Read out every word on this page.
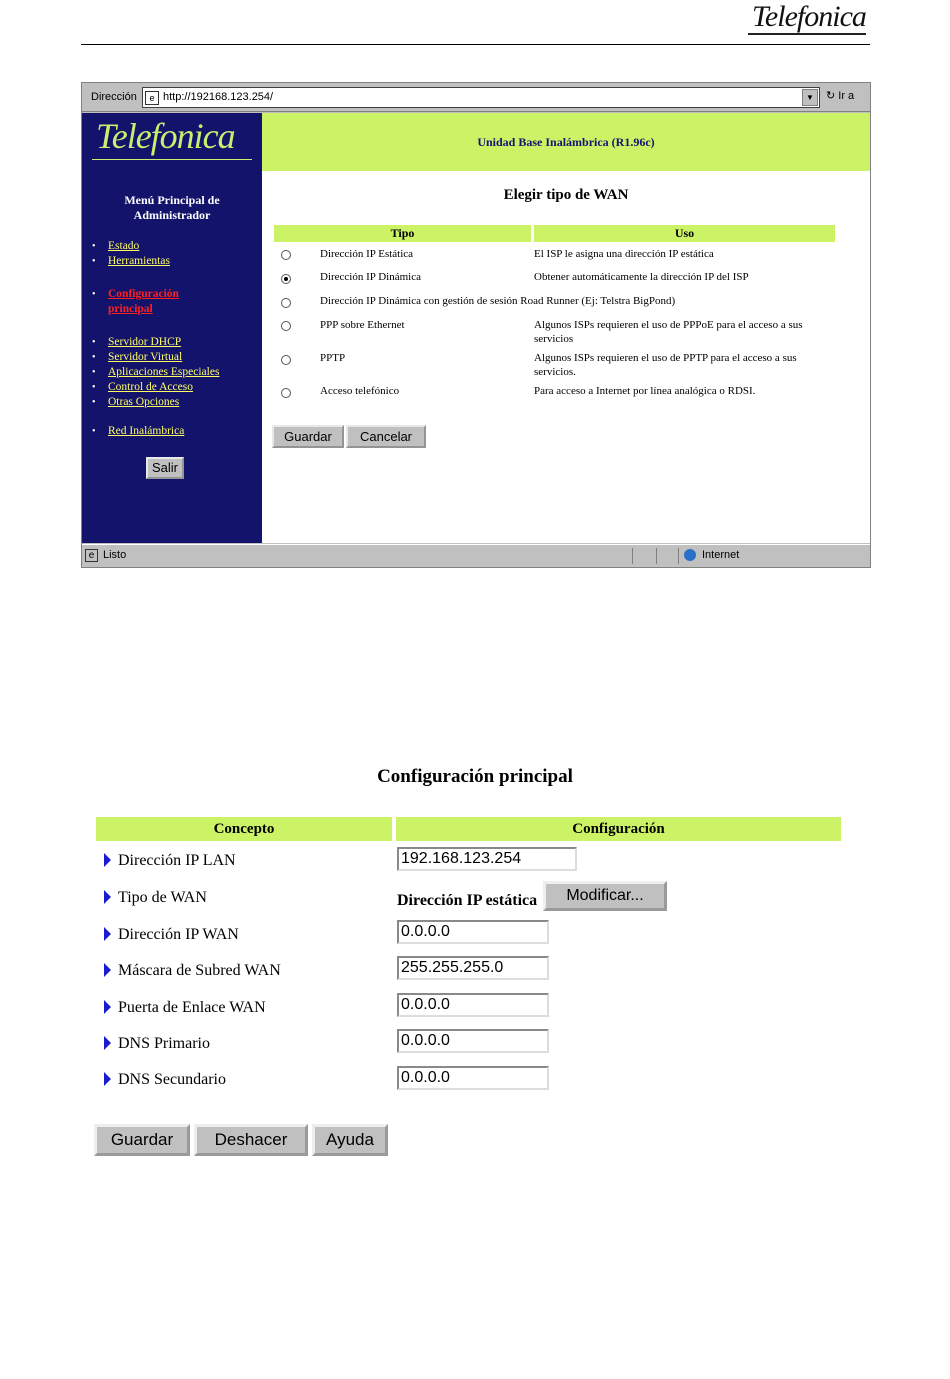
Telefonica
Dirección	e http://192168.123.254/	▼	↻ Ir a
Telefonica
Menú Principal de Administrador
• Estado
• Herramientas
• Configuración principal
• Servidor DHCP
• Servidor Virtual
• Aplicaciones Especiales
• Control de Acceso
• Otras Opciones
• Red Inalámbrica
Salir
Unidad Base Inalámbrica (R1.96c)
Elegir tipo de WAN
Tipo	Uso
Dirección IP Estática	El ISP le asigna una dirección IP estática
Dirección IP Dinámica	Obtener automáticamente la dirección IP del ISP
Dirección IP Dinámica con gestión de sesión Road Runner (Ej: Telstra BigPond)
PPP sobre Ethernet	Algunos ISPs requieren el uso de PPPoE para el acceso a sus servicios
PPTP	Algunos ISPs requieren el uso de PPTP para el acceso a sus servicios.
Acceso telefónico	Para acceso a Internet por línea analógica o RDSI.
Guardar	Cancelar
e Listo	Internet
Configuración principal
Concepto	Configuración
Dirección IP LAN	192.168.123.254
Tipo de WAN	Dirección IP estática	Modificar...
Dirección IP WAN	0.0.0.0
Máscara de Subred WAN	255.255.255.0
Puerta de Enlace WAN	0.0.0.0
DNS Primario	0.0.0.0
DNS Secundario	0.0.0.0
Guardar	Deshacer	Ayuda
